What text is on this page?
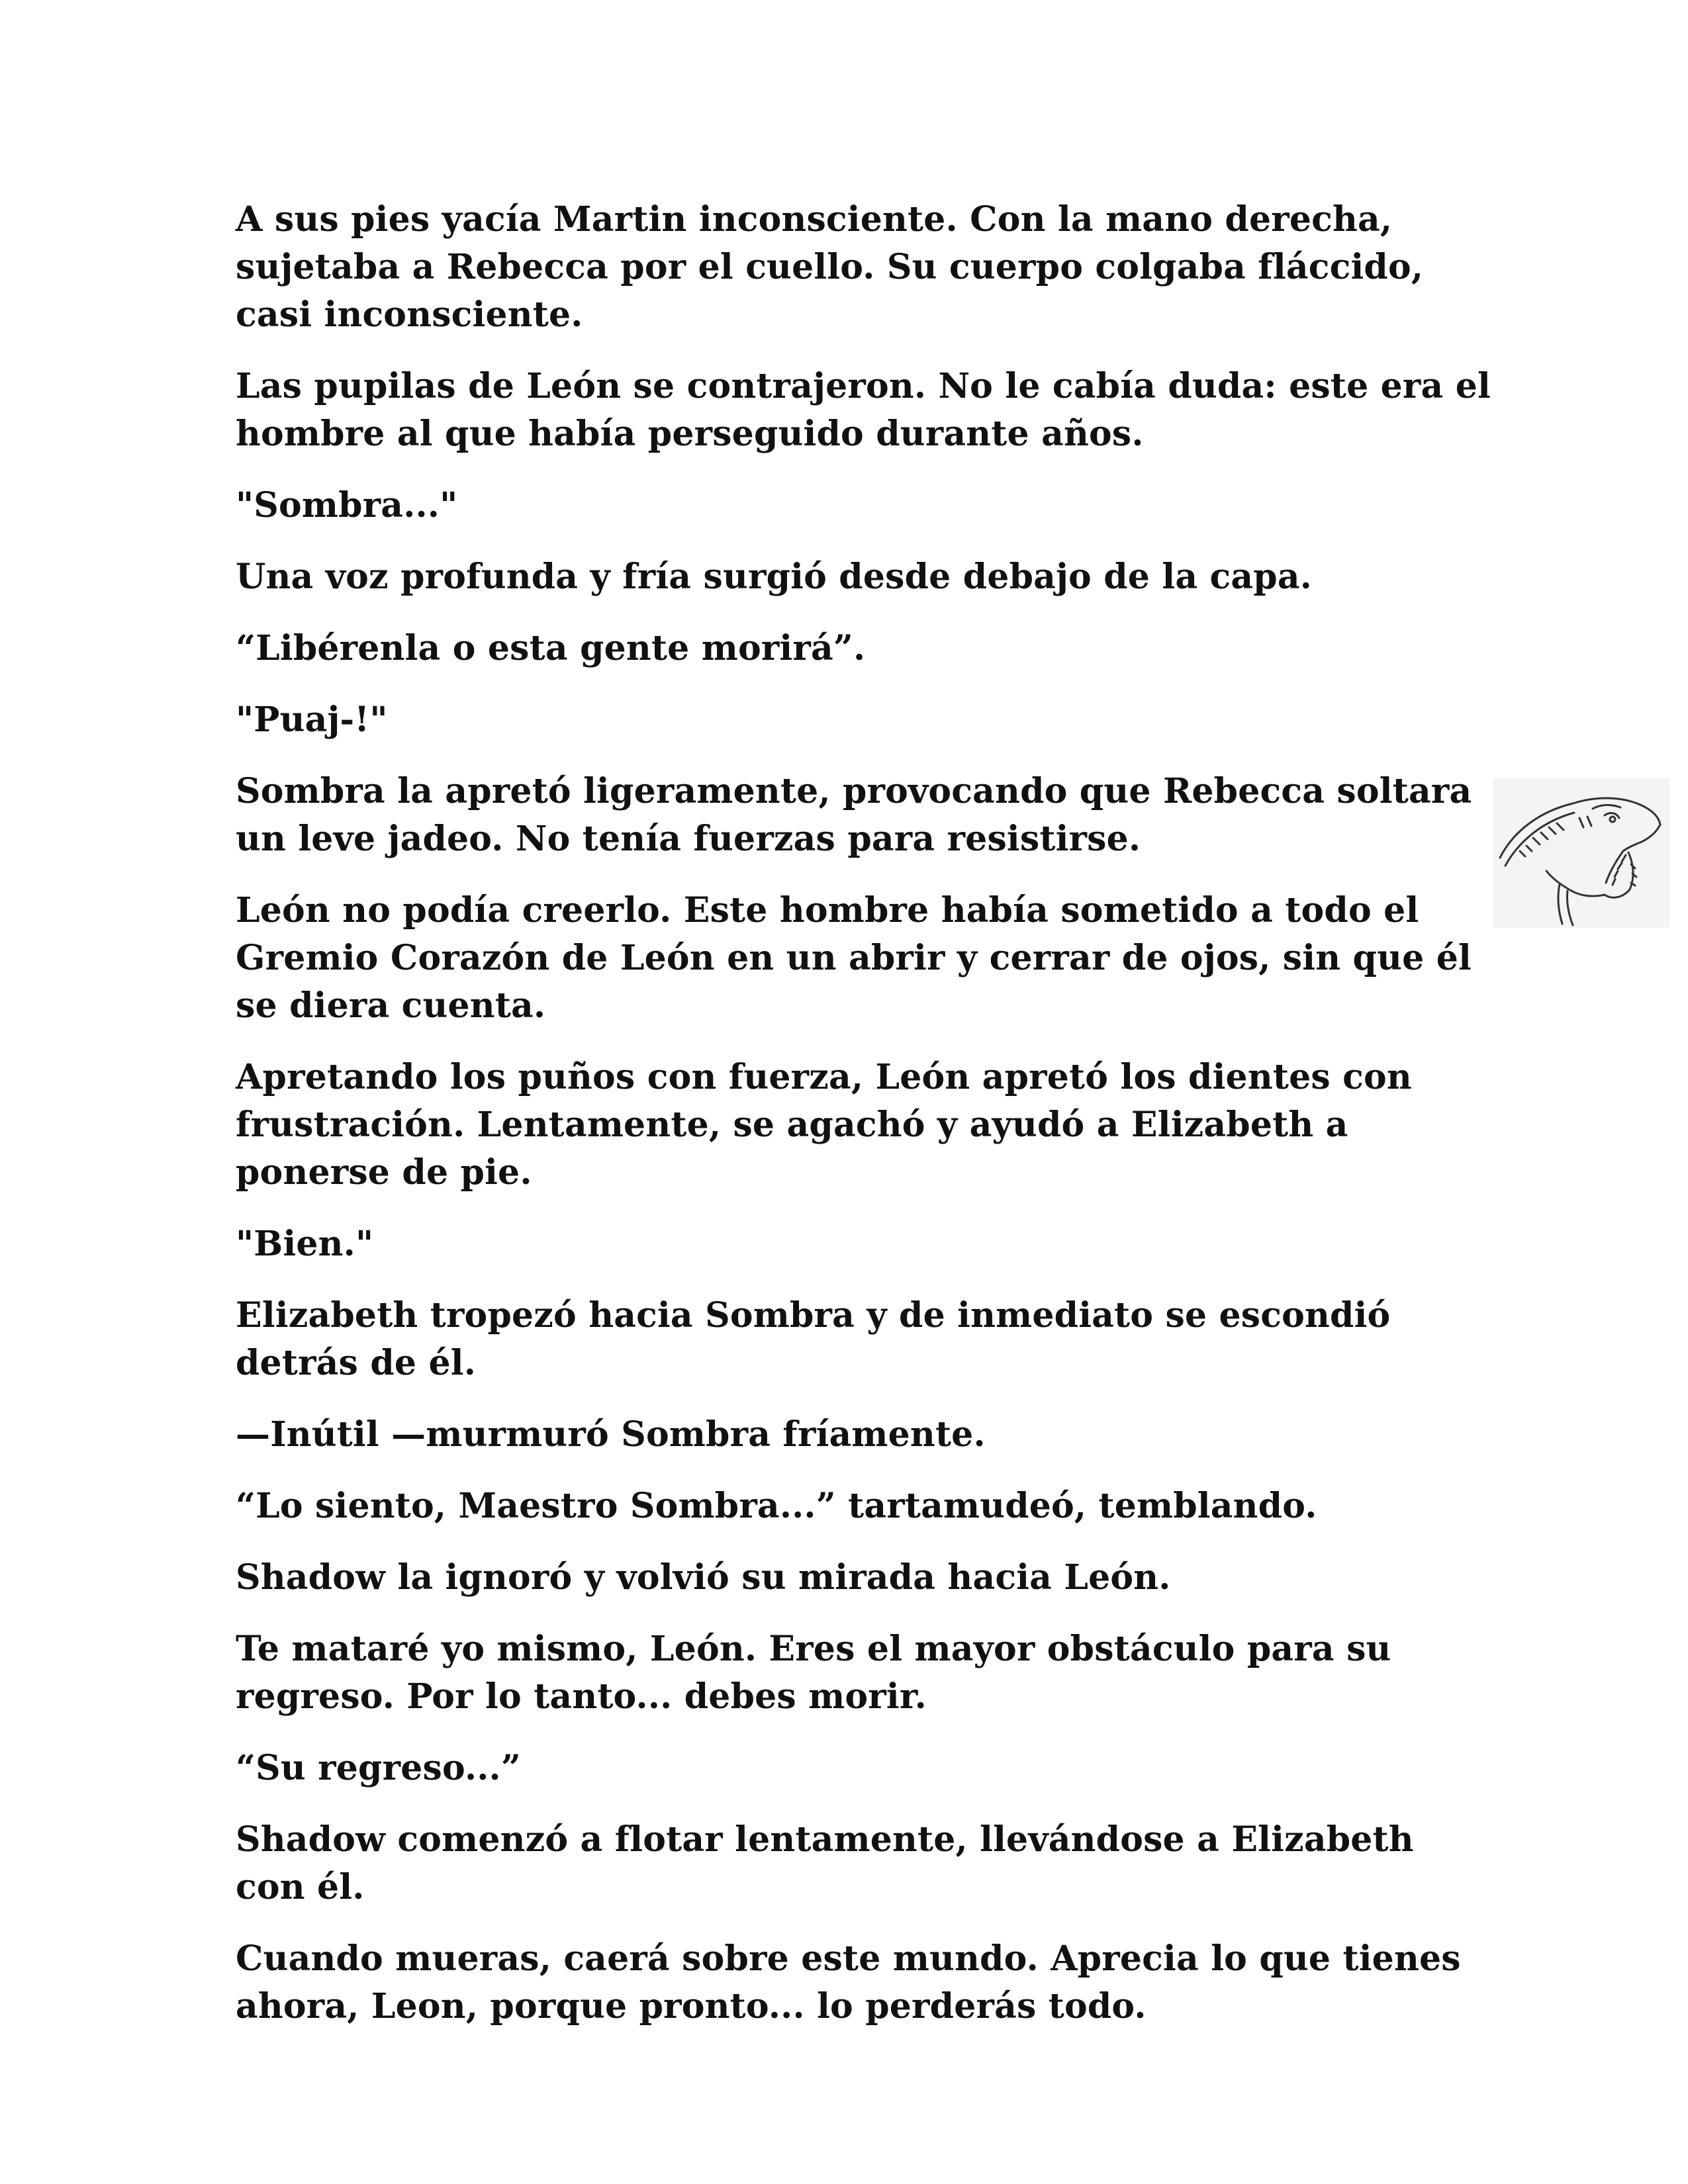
A sus pies yacía Martin inconsciente. Con la mano derecha, sujetaba a Rebecca por el cuello. Su cuerpo colgaba fláccido, casi inconsciente.

Las pupilas de León se contrajeron. No le cabía duda: este era el hombre al que había perseguido durante años.

"Sombra..."

Una voz profunda y fría surgió desde debajo de la capa.

“Libérenla o esta gente morirá”.

"Puaj-!"

Sombra la apretó ligeramente, provocando que Rebecca soltara un leve jadeo. No tenía fuerzas para resistirse.

León no podía creerlo. Este hombre había sometido a todo el Gremio Corazón de León en un abrir y cerrar de ojos, sin que él se diera cuenta.

Apretando los puños con fuerza, León apretó los dientes con frustración. Lentamente, se agachó y ayudó a Elizabeth a ponerse de pie.

"Bien."

Elizabeth tropezó hacia Sombra y de inmediato se escondió detrás de él.

—Inútil —murmuró Sombra fríamente.

“Lo siento, Maestro Sombra...” tartamudeó, temblando.

Shadow la ignoró y volvió su mirada hacia León.

Te mataré yo mismo, León. Eres el mayor obstáculo para su regreso. Por lo tanto... debes morir.

“Su regreso...”

Shadow comenzó a flotar lentamente, llevándose a Elizabeth con él.

Cuando mueras, caerá sobre este mundo. Aprecia lo que tienes ahora, Leon, porque pronto... lo perderás todo.
